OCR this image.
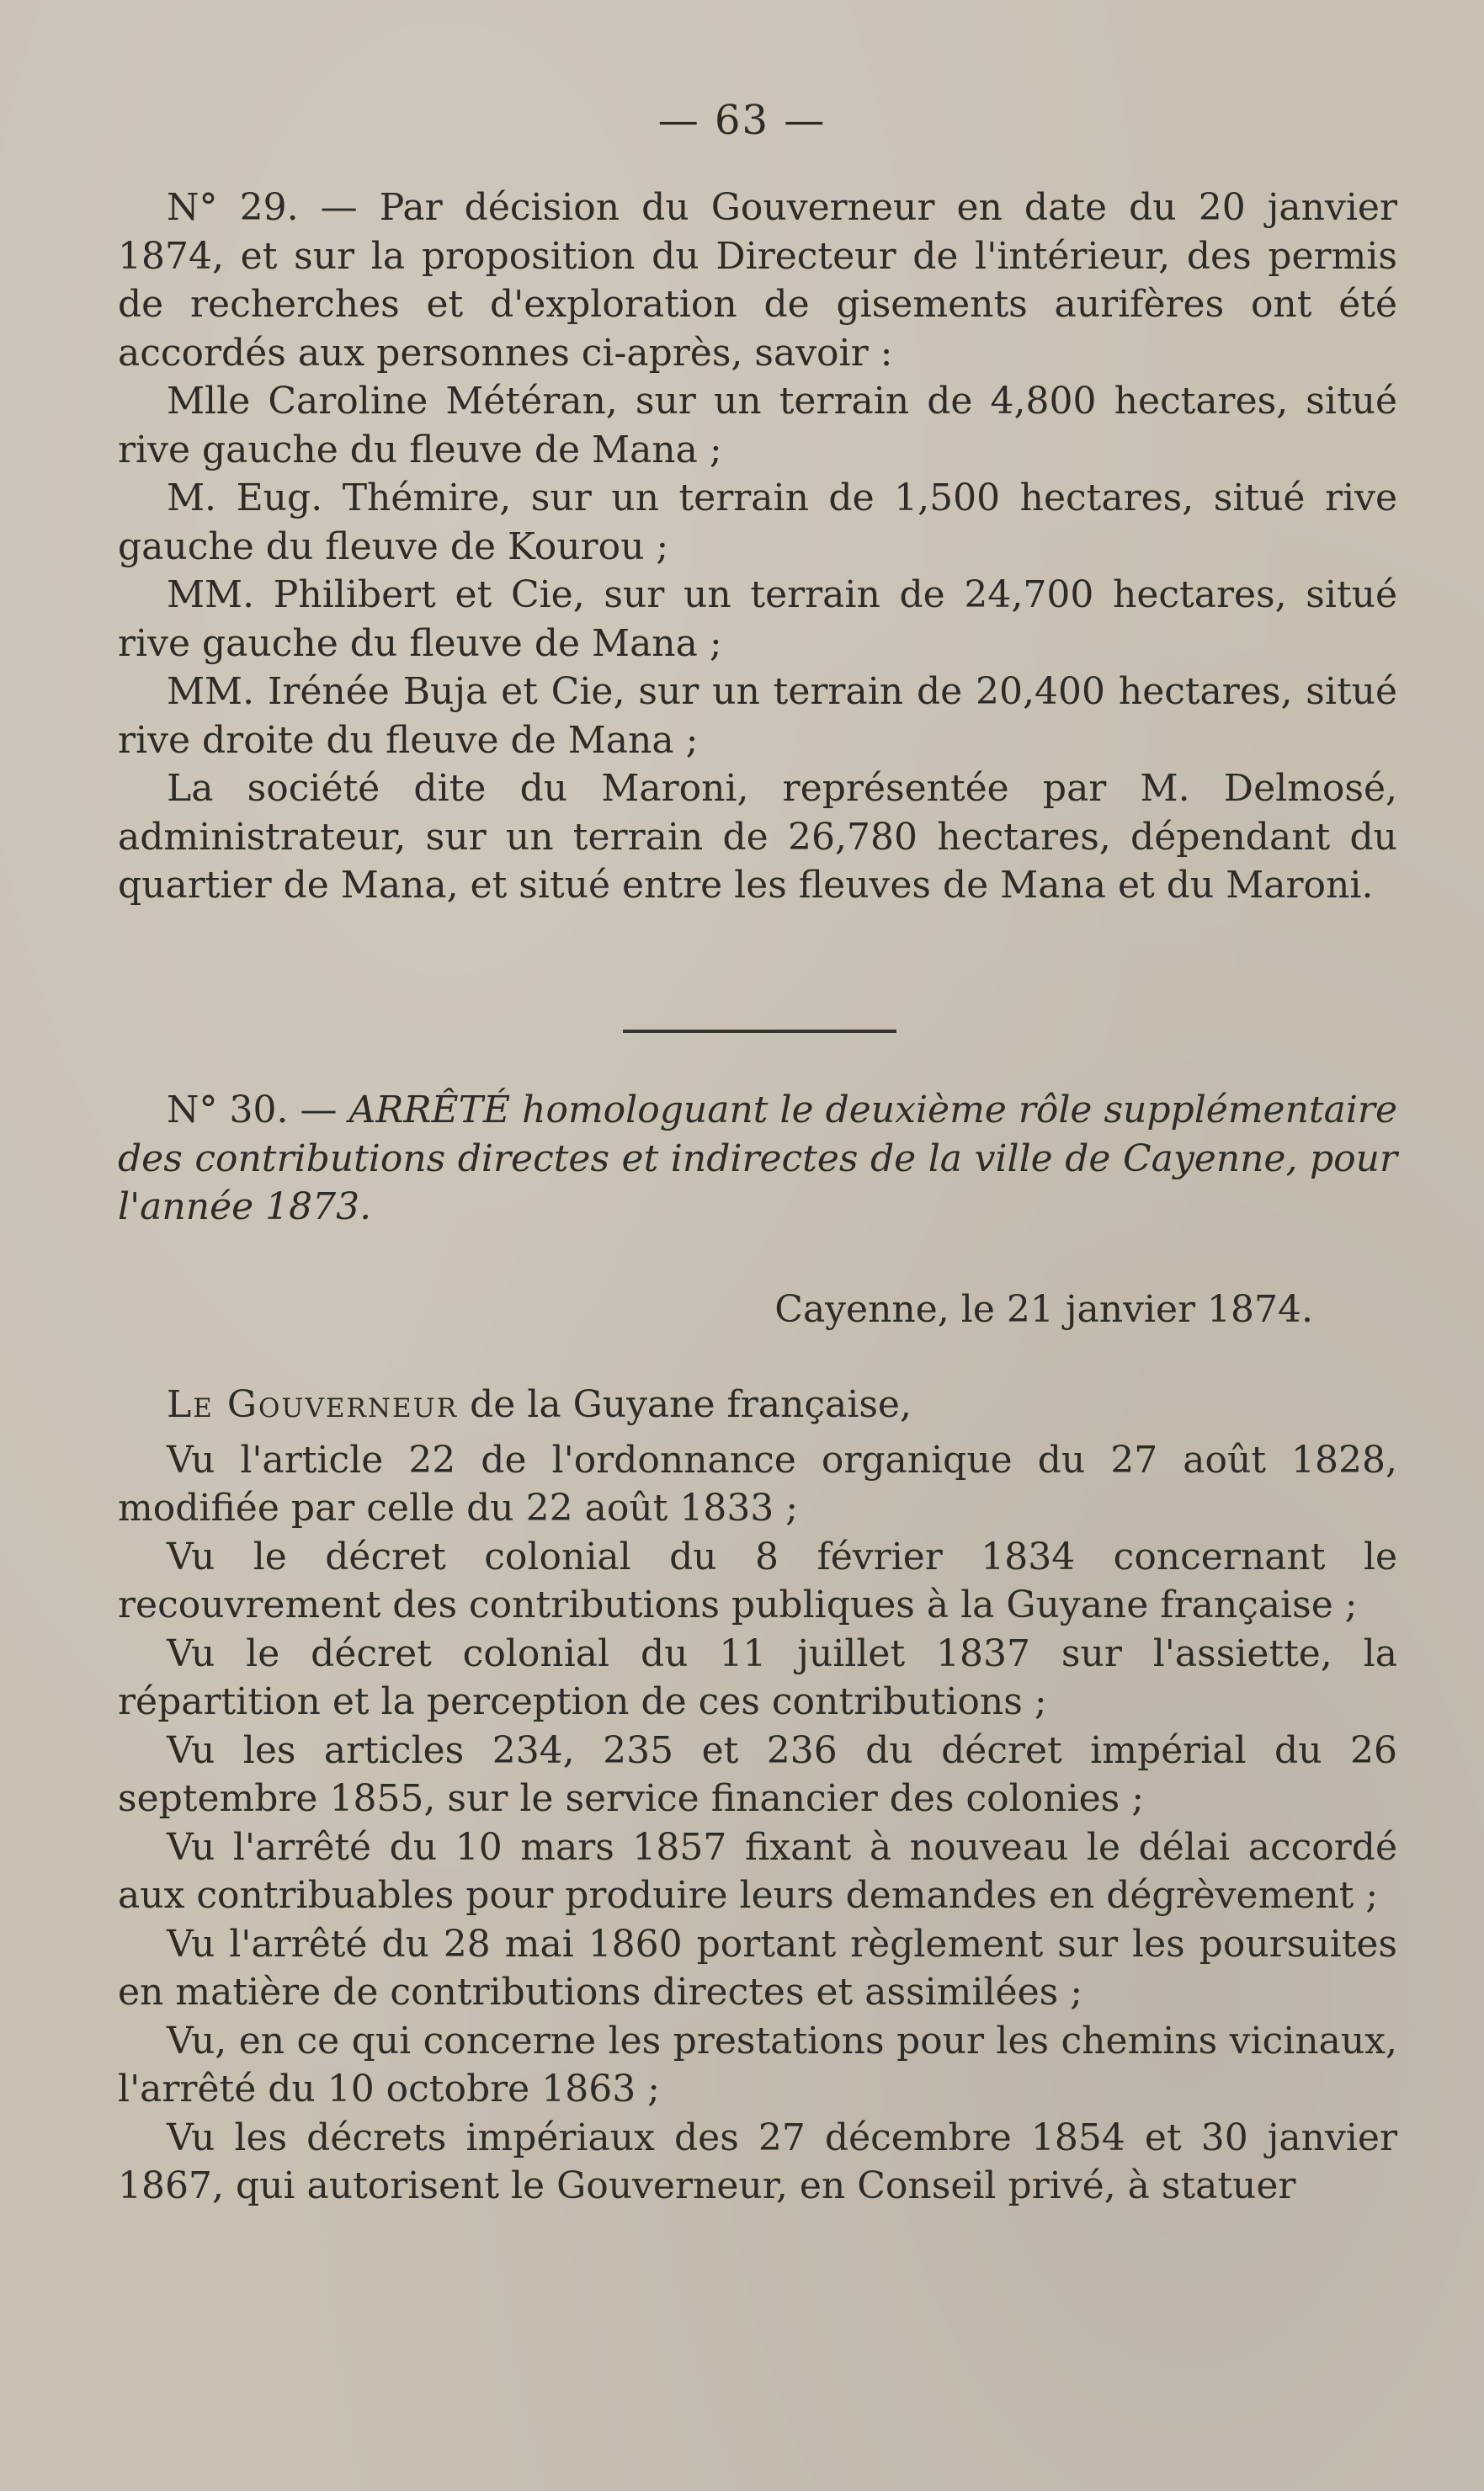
— 63 —

N° 29. — Par décision du Gouverneur en date du 20 janvier 1874, et sur la proposition du Directeur de l'intérieur, des permis de recherches et d'exploration de gisements aurifères ont été accordés aux personnes ci-après, savoir :

Mlle Caroline Météran, sur un terrain de 4,800 hectares, situé rive gauche du fleuve de Mana ;

M. Eug. Thémire, sur un terrain de 1,500 hectares, situé rive gauche du fleuve de Kourou ;

MM. Philibert et Cie, sur un terrain de 24,700 hectares, situé rive gauche du fleuve de Mana ;

MM. Irénée Buja et Cie, sur un terrain de 20,400 hectares, situé rive droite du fleuve de Mana ;

La société dite du Maroni, représentée par M. Delmosé, administrateur, sur un terrain de 26,780 hectares, dépendant du quartier de Mana, et situé entre les fleuves de Mana et du Maroni.

N° 30. — ARRÊTÉ homologuant le deuxième rôle supplémentaire des contributions directes et indirectes de la ville de Cayenne, pour l'année 1873.

Cayenne, le 21 janvier 1874.

Le Gouverneur de la Guyane française,

Vu l'article 22 de l'ordonnance organique du 27 août 1828, modifiée par celle du 22 août 1833 ;

Vu le décret colonial du 8 février 1834 concernant le recouvrement des contributions publiques à la Guyane française ;

Vu le décret colonial du 11 juillet 1837 sur l'assiette, la répartition et la perception de ces contributions ;

Vu les articles 234, 235 et 236 du décret impérial du 26 septembre 1855, sur le service financier des colonies ;

Vu l'arrêté du 10 mars 1857 fixant à nouveau le délai accordé aux contribuables pour produire leurs demandes en dégrèvement ;

Vu l'arrêté du 28 mai 1860 portant règlement sur les poursuites en matière de contributions directes et assimilées ;

Vu, en ce qui concerne les prestations pour les chemins vicinaux, l'arrêté du 10 octobre 1863 ;

Vu les décrets impériaux des 27 décembre 1854 et 30 janvier 1867, qui autorisent le Gouverneur, en Conseil privé, à statuer
